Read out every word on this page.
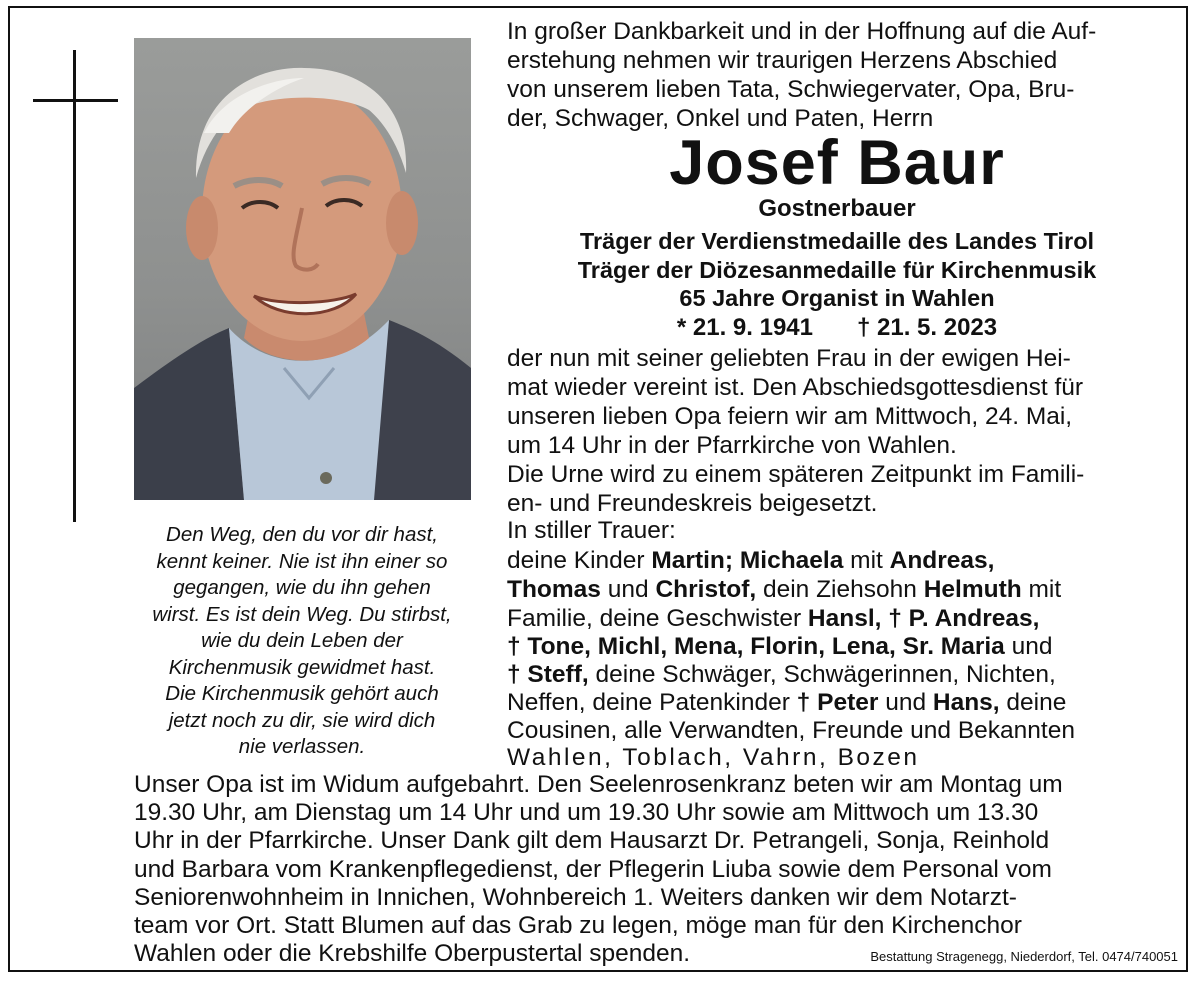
Den Weg, den du vor dir hast,
kennt keiner. Nie ist ihn einer so
gegangen, wie du ihn gehen
wirst. Es ist dein Weg. Du stirbst,
wie du dein Leben der
Kirchenmusik gewidmet hast.
Die Kirchenmusik gehört auch
jetzt noch zu dir, sie wird dich
nie verlassen.
In großer Dankbarkeit und in der Hoffnung auf die Auf-
erstehung nehmen wir traurigen Herzens Abschied
von unserem lieben Tata, Schwiegervater, Opa, Bru-
der, Schwager, Onkel und Paten, Herrn
Josef Baur
Gostnerbauer
Träger der Verdienstmedaille des Landes Tirol
Träger der Diözesanmedaille für Kirchenmusik
65 Jahre Organist in Wahlen
* 21. 9. 1941 † 21. 5. 2023
der nun mit seiner geliebten Frau in der ewigen Hei-
mat wieder vereint ist. Den Abschiedsgottesdienst für
unseren lieben Opa feiern wir am Mittwoch, 24. Mai,
um 14 Uhr in der Pfarrkirche von Wahlen.
Die Urne wird zu einem späteren Zeitpunkt im Famili-
en- und Freundeskreis beigesetzt.
In stiller Trauer:
deine Kinder Martin; Michaela mit Andreas,
Thomas und Christof, dein Ziehsohn Helmuth mit
Familie, deine Geschwister Hansl, † P. Andreas,
† Tone, Michl, Mena, Florin, Lena, Sr. Maria und
† Steff, deine Schwäger, Schwägerinnen, Nichten,
Neffen, deine Patenkinder † Peter und Hans, deine
Cousinen, alle Verwandten, Freunde und Bekannten
Wahlen, Toblach, Vahrn, Bozen
Unser Opa ist im Widum aufgebahrt. Den Seelenrosenkranz beten wir am Montag um
19.30 Uhr, am Dienstag um 14 Uhr und um 19.30 Uhr sowie am Mittwoch um 13.30
Uhr in der Pfarrkirche. Unser Dank gilt dem Hausarzt Dr. Petrangeli, Sonja, Reinhold
und Barbara vom Krankenpflegedienst, der Pflegerin Liuba sowie dem Personal vom
Seniorenwohnheim in Innichen, Wohnbereich 1. Weiters danken wir dem Notarzt-
team vor Ort. Statt Blumen auf das Grab zu legen, möge man für den Kirchenchor
Wahlen oder die Krebshilfe Oberpustertal spenden.	Bestattung Stragenegg, Niederdorf, Tel. 0474/740051
